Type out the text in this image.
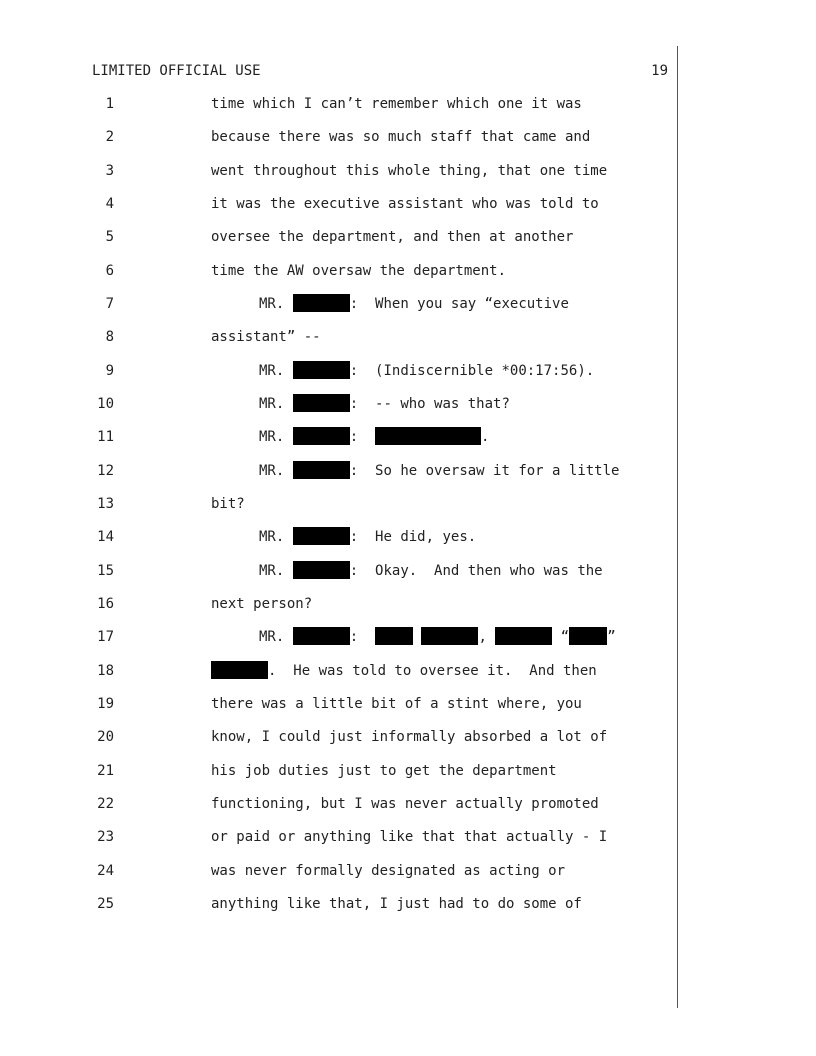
LIMITED OFFICIAL USE	19
1	time which I can’t remember which one it was
2	because there was so much staff that came and
3	went throughout this whole thing, that one time
4	it was the executive assistant who was told to
5	oversee the department, and then at another
6	time the AW oversaw the department.
7	MR.	:  When you say “executive
8	assistant” --
9	MR.	:  (Indiscernible *00:17:56).
10	MR.	:  -- who was that?
11	MR.	:	.
12	MR.	:  So he oversaw it for a little
13	bit?
14	MR.	:  He did, yes.
15	MR.	:  Okay.  And then who was the
16	next person?
17	MR.	:	,	“	”
18	.  He was told to oversee it.  And then
19	there was a little bit of a stint where, you
20	know, I could just informally absorbed a lot of
21	his job duties just to get the department
22	functioning, but I was never actually promoted
23	or paid or anything like that that actually - I
24	was never formally designated as acting or
25	anything like that, I just had to do some of
